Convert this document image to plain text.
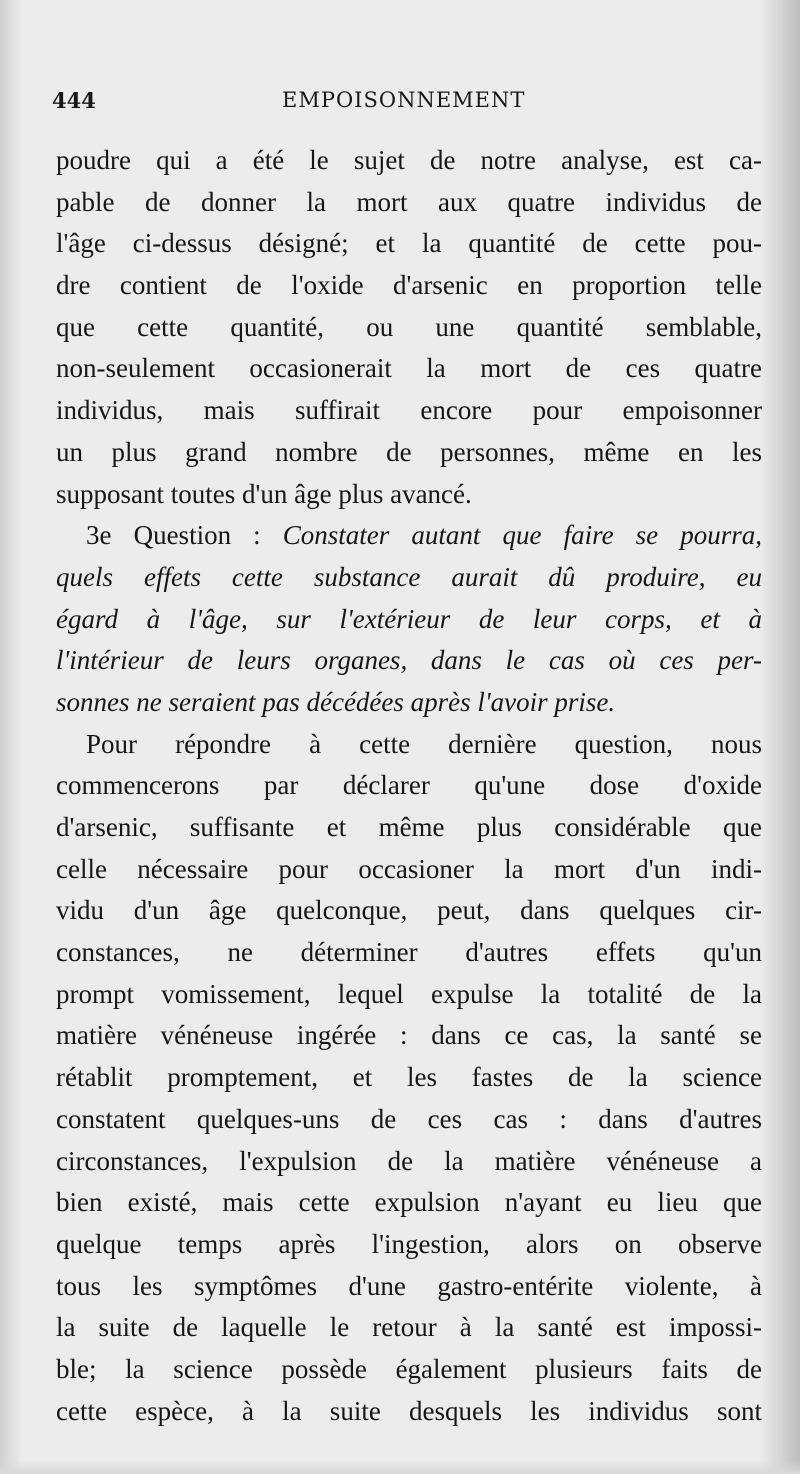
444	EMPOISONNEMENT
poudre qui a été le sujet de notre analyse, est ca-
pable de donner la mort aux quatre individus de
l'âge ci-dessus désigné; et la quantité de cette pou-
dre contient de l'oxide d'arsenic en proportion telle
que cette quantité, ou une quantité semblable,
non-seulement occasionerait la mort de ces quatre
individus, mais suffirait encore pour empoisonner
un plus grand nombre de personnes, même en les
supposant toutes d'un âge plus avancé.
3e Question : Constater autant que faire se pourra,
quels effets cette substance aurait dû produire, eu
égard à l'âge, sur l'extérieur de leur corps, et à
l'intérieur de leurs organes, dans le cas où ces per-
sonnes ne seraient pas décédées après l'avoir prise.
Pour répondre à cette dernière question, nous
commencerons par déclarer qu'une dose d'oxide
d'arsenic, suffisante et même plus considérable que
celle nécessaire pour occasioner la mort d'un indi-
vidu d'un âge quelconque, peut, dans quelques cir-
constances, ne déterminer d'autres effets qu'un
prompt vomissement, lequel expulse la totalité de la
matière vénéneuse ingérée : dans ce cas, la santé se
rétablit promptement, et les fastes de la science
constatent quelques-uns de ces cas : dans d'autres
circonstances, l'expulsion de la matière vénéneuse a
bien existé, mais cette expulsion n'ayant eu lieu que
quelque temps après l'ingestion, alors on observe
tous les symptômes d'une gastro-entérite violente, à
la suite de laquelle le retour à la santé est impossi-
ble; la science possède également plusieurs faits de
cette espèce, à la suite desquels les individus sont
